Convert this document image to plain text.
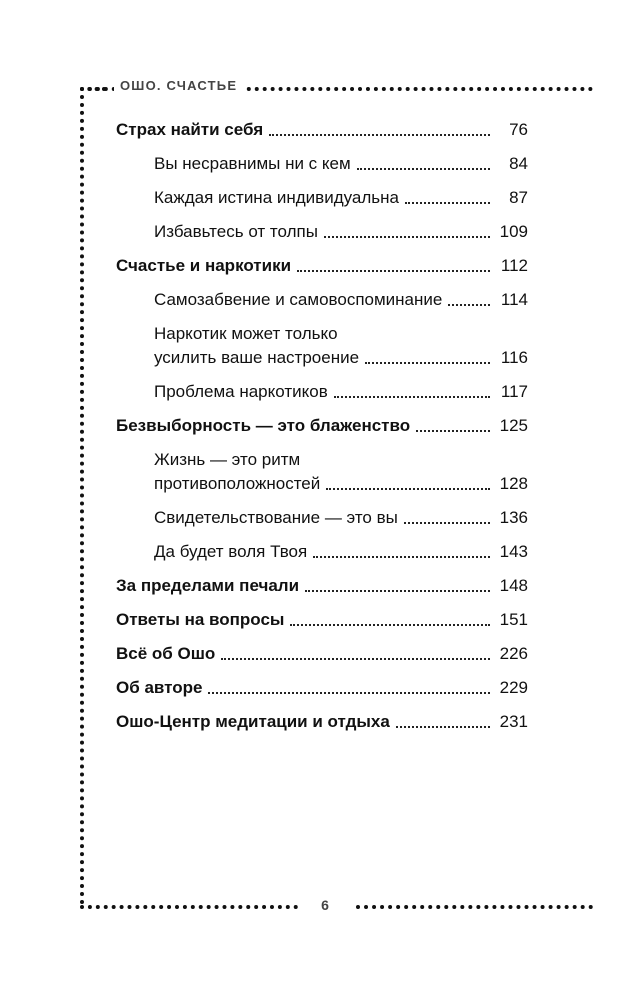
ОШО. СЧАСТЬЕ
6
Страх найти себя	76
Вы несравнимы ни с кем	84
Каждая истина индивидуальна	87
Избавьтесь от толпы	109
Счастье и наркотики	112
Самозабвение и самовоспоминание	114
Наркотик может только
усилить ваше настроение	116
Проблема наркотиков	117
Безвыборность — это блаженство	125
Жизнь — это ритм
противоположностей	128
Свидетельствование — это вы	136
Да будет воля Твоя	143
За пределами печали	148
Ответы на вопросы	151
Всё об Ошо	226
Об авторе	229
Ошо-Центр медитации и отдыха	231
